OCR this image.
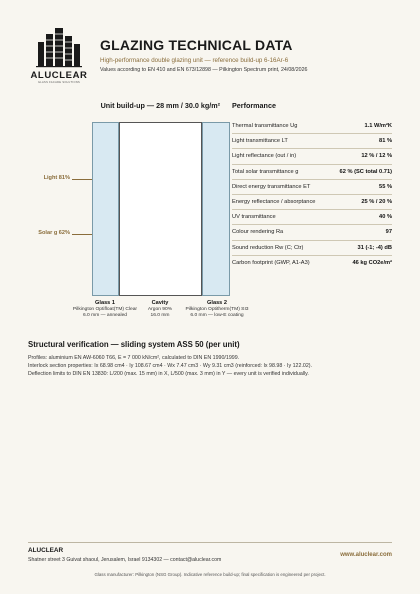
ALUCLEAR
GLASS FACADE SOLUTIONS
GLAZING TECHNICAL DATA
High-performance double glazing unit — reference build-up 6-16Ar-6
Values according to EN 410 and EN 673/12898 — Pilkington Spectrum print, 24/08/2026
Unit build-up — 28 mm / 30.0 kg/m² Performance
Light 81%
Solar g 62%
Glass 1
Pilkington Optifloat(TM) Clear
6.0 mm — annealed
Cavity
Argon 90%
16.0 mm
Glass 2
Pilkington Optitherm(TM) SI3
6.0 mm — low-E coating
Thermal transmittance Ug	1.1 W/m²K
Light transmittance LT	81 %
Light reflectance (out / in)	12 % / 12 %
Total solar transmittance g	62 % (SC total 0.71)
Direct energy transmittance ET	55 %
Energy reflectance / absorptance	25 % / 20 %
UV transmittance	40 %
Colour rendering Ra	97
Sound reduction Rw (C; Ctr)	31 (-1; -4) dB
Carbon footprint (GWP, A1-A3)	46 kg CO2e/m²
Structural verification — sliding system ASS 50 (per unit)
Profiles: aluminium EN AW-6060 T66, E = 7 000 kN/cm², calculated to DIN EN 1990/1999.
Interlock section properties: Ix 68.98 cm4 · Iy 108.67 cm4 · Wx 7.47 cm3 · Wy 9.31 cm3 (reinforced: Ix 98.98 · Iy 122.02).
Deflection limits to DIN EN 13830: L/200 (max. 15 mm) in X, L/500 (max. 3 mm) in Y — every unit is verified individually.
ALUCLEAR
Shatner street 3 Guivat shaoul, Jerusalem, Israel 9134302 — contact@aluclear.com
www.aluclear.com
Glass manufacturer: Pilkington (NSG Group). Indicative reference build-up; final specification is engineered per project.
